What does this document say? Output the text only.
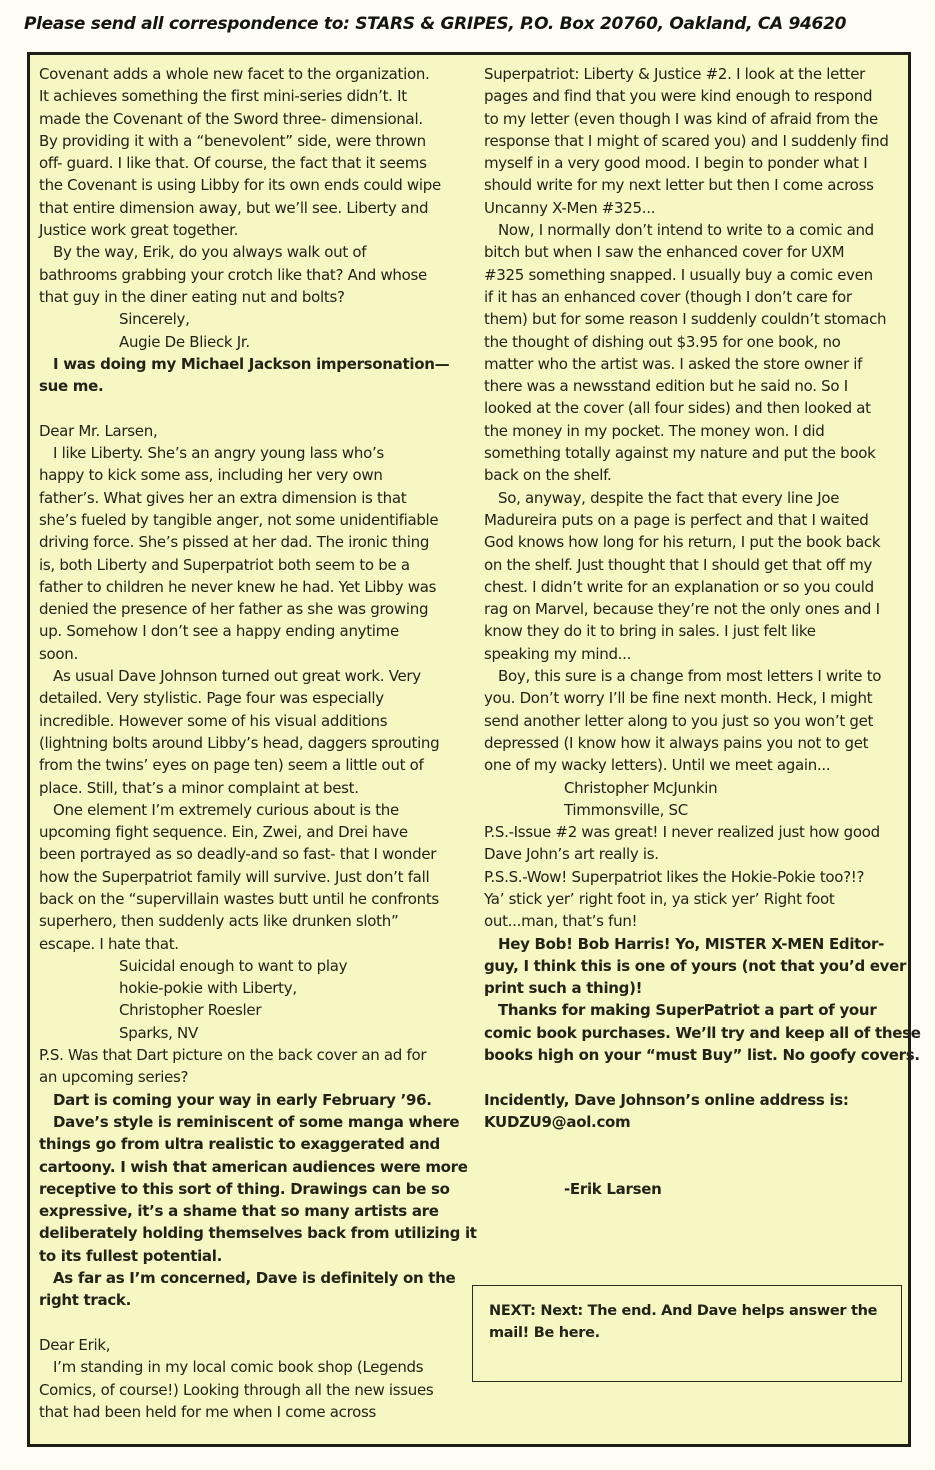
Please send all correspondence to: STARS & GRIPES, P.O. Box 20760, Oakland, CA 94620
Covenant adds a whole new facet to the organization.
It achieves something the first mini-series didn’t. It
made the Covenant of the Sword three- dimensional.
By providing it with a “benevolent” side, were thrown
off- guard. I like that. Of course, the fact that it seems
the Covenant is using Libby for its own ends could wipe
that entire dimension away, but we’ll see. Liberty and
Justice work great together.
By the way, Erik, do you always walk out of
bathrooms grabbing your crotch like that? And whose
that guy in the diner eating nut and bolts?
Sincerely,
Augie De Blieck Jr.
I was doing my Michael Jackson impersonation—
sue me.
Dear Mr. Larsen,
I like Liberty. She’s an angry young lass who’s
happy to kick some ass, including her very own
father’s. What gives her an extra dimension is that
she’s fueled by tangible anger, not some unidentifiable
driving force. She’s pissed at her dad. The ironic thing
is, both Liberty and Superpatriot both seem to be a
father to children he never knew he had. Yet Libby was
denied the presence of her father as she was growing
up. Somehow I don’t see a happy ending anytime
soon.
As usual Dave Johnson turned out great work. Very
detailed. Very stylistic. Page four was especially
incredible. However some of his visual additions
(lightning bolts around Libby’s head, daggers sprouting
from the twins’ eyes on page ten) seem a little out of
place. Still, that’s a minor complaint at best.
One element I’m extremely curious about is the
upcoming fight sequence. Ein, Zwei, and Drei have
been portrayed as so deadly-and so fast- that I wonder
how the Superpatriot family will survive. Just don’t fall
back on the “supervillain wastes butt until he confronts
superhero, then suddenly acts like drunken sloth”
escape. I hate that.
Suicidal enough to want to play
hokie-pokie with Liberty,
Christopher Roesler
Sparks, NV
P.S. Was that Dart picture on the back cover an ad for
an upcoming series?
Dart is coming your way in early February ’96.
Dave’s style is reminiscent of some manga where
things go from ultra realistic to exaggerated and
cartoony. I wish that american audiences were more
receptive to this sort of thing. Drawings can be so
expressive, it’s a shame that so many artists are
deliberately holding themselves back from utilizing it
to its fullest potential.
As far as I’m concerned, Dave is definitely on the
right track.
Dear Erik,
I’m standing in my local comic book shop (Legends
Comics, of course!) Looking through all the new issues
that had been held for me when I come across
Superpatriot: Liberty & Justice #2. I look at the letter
pages and find that you were kind enough to respond
to my letter (even though I was kind of afraid from the
response that I might of scared you) and I suddenly find
myself in a very good mood. I begin to ponder what I
should write for my next letter but then I come across
Uncanny X-Men #325...
Now, I normally don’t intend to write to a comic and
bitch but when I saw the enhanced cover for UXM
#325 something snapped. I usually buy a comic even
if it has an enhanced cover (though I don’t care for
them) but for some reason I suddenly couldn’t stomach
the thought of dishing out $3.95 for one book, no
matter who the artist was. I asked the store owner if
there was a newsstand edition but he said no. So I
looked at the cover (all four sides) and then looked at
the money in my pocket. The money won. I did
something totally against my nature and put the book
back on the shelf.
So, anyway, despite the fact that every line Joe
Madureira puts on a page is perfect and that I waited
God knows how long for his return, I put the book back
on the shelf. Just thought that I should get that off my
chest. I didn’t write for an explanation or so you could
rag on Marvel, because they’re not the only ones and I
know they do it to bring in sales. I just felt like
speaking my mind...
Boy, this sure is a change from most letters I write to
you. Don’t worry I’ll be fine next month. Heck, I might
send another letter along to you just so you won’t get
depressed (I know how it always pains you not to get
one of my wacky letters). Until we meet again...
Christopher McJunkin
Timmonsville, SC
P.S.-Issue #2 was great! I never realized just how good
Dave John’s art really is.
P.S.S.-Wow! Superpatriot likes the Hokie-Pokie too?!?
Ya’ stick yer’ right foot in, ya stick yer’ Right foot
out...man, that’s fun!
Hey Bob! Bob Harris! Yo, MISTER X-MEN Editor-
guy, I think this is one of yours (not that you’d ever
print such a thing)!
Thanks for making SuperPatriot a part of your
comic book purchases. We’ll try and keep all of these
books high on your “must Buy” list. No goofy covers.
Incidently, Dave Johnson’s online address is:
KUDZU9@aol.com
-Erik Larsen
NEXT: Next: The end. And Dave helps answer the
mail! Be here.
